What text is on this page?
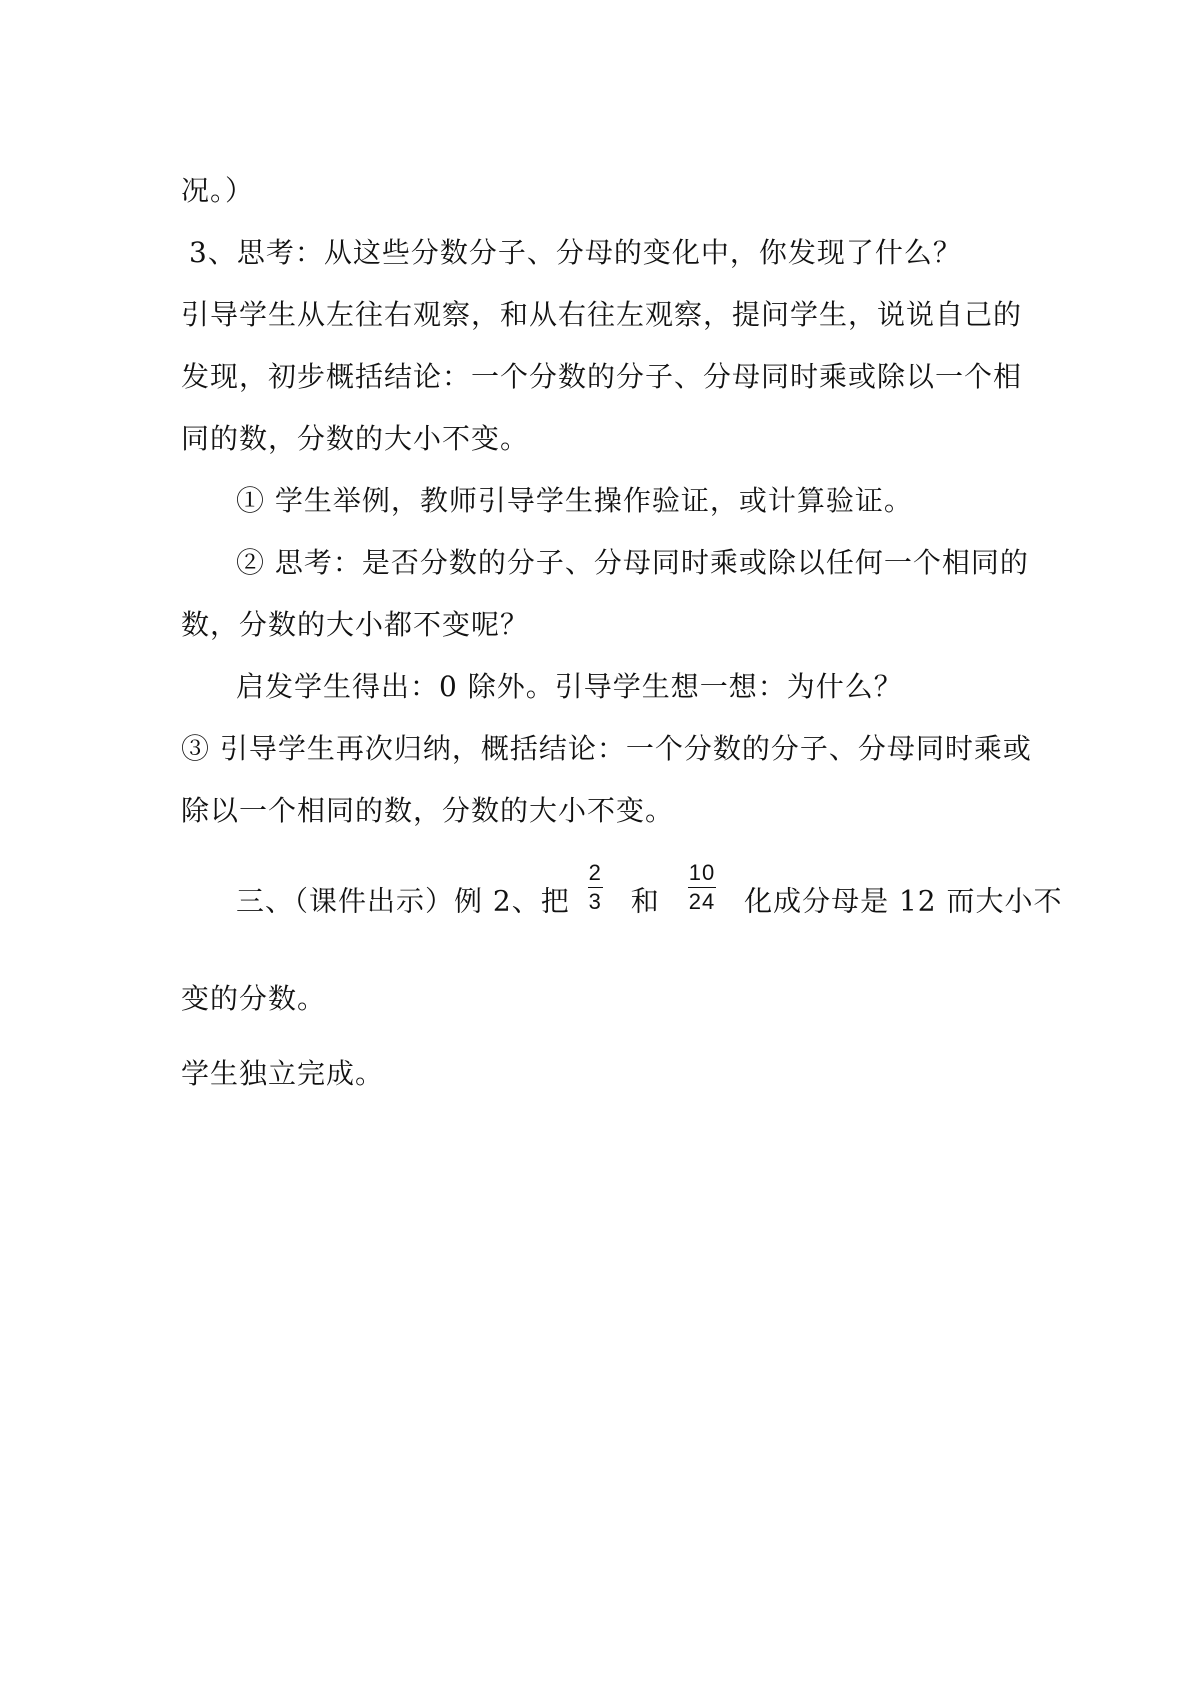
况。）
3、思考：从这些分数分子、分母的变化中，你发现了什么？
引导学生从左往右观察，和从右往左观察，提问学生，说说自己的
发现，初步概括结论：一个分数的分子、分母同时乘或除以一个相
同的数，分数的大小不变。
① 学生举例，教师引导学生操作验证，或计算验证。
② 思考：是否分数的分子、分母同时乘或除以任何一个相同的
数，分数的大小都不变呢？
启发学生得出：0 除外。引导学生想一想：为什么？
③ 引导学生再次归纳，概括结论：一个分数的分子、分母同时乘或
除以一个相同的数，分数的大小不变。
三、（课件出示）例 2、把 $\frac{2}{3}$ 和 $\frac{10}{24}$ 化成分母是 12 而大小不
变的分数。
学生独立完成。
